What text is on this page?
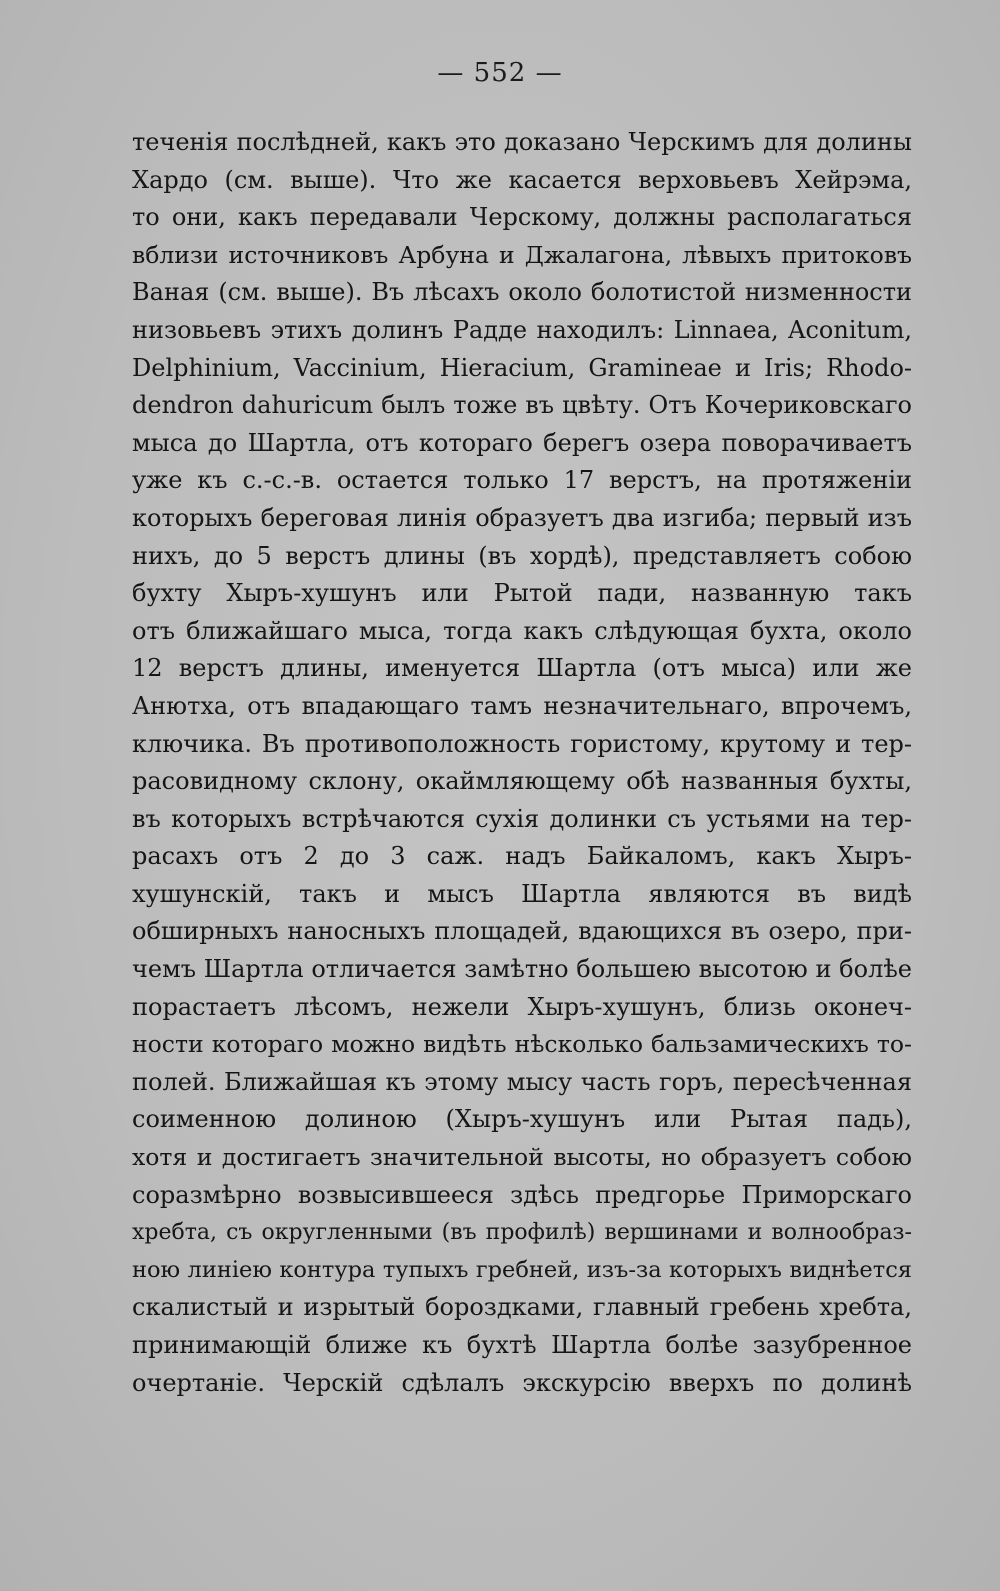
— 552 —
теченія послѣдней, какъ это доказано Черскимъ для долины
Хардо (см. выше). Что же касается верховьевъ Хейрэма,
то они, какъ передавали Черскому, должны располагаться
вблизи источниковъ Арбуна и Джалагона, лѣвыхъ притоковъ
Ваная (см. выше). Въ лѣсахъ около болотистой низменности
низовьевъ этихъ долинъ Радде находилъ: Linnaea, Aconitum,
Delphinium, Vaccinium, Hieracium, Gramineae и Iris; Rhodo-
dendron dahuricum былъ тоже въ цвѣту. Отъ Кочериковскаго
мыса до Шартла, отъ котораго берегъ озера поворачиваетъ
уже къ с.-с.-в. остается только 17 верстъ, на протяженіи
которыхъ береговая линія образуетъ два изгиба; первый изъ
нихъ, до 5 верстъ длины (въ хордѣ), представляетъ собою
бухту Хыръ-хушунъ или Рытой пади, названную такъ
отъ ближайшаго мыса, тогда какъ слѣдующая бухта, около
12 верстъ длины, именуется Шартла (отъ мыса) или же
Анютха, отъ впадающаго тамъ незначительнаго, впрочемъ,
ключика. Въ противоположность гористому, крутому и тер-
расовидному склону, окаймляющему обѣ названныя бухты,
въ которыхъ встрѣчаются сухія долинки съ устьями на тер-
расахъ отъ 2 до 3 саж. надъ Байкаломъ, какъ Хыръ-
хушунскій, такъ и мысъ Шартла являются въ видѣ
обширныхъ наносныхъ площадей, вдающихся въ озеро, при-
чемъ Шартла отличается замѣтно большею высотою и болѣе
порастаетъ лѣсомъ, нежели Хыръ-хушунъ, близь оконеч-
ности котораго можно видѣть нѣсколько бальзамическихъ то-
полей. Ближайшая къ этому мысу часть горъ, пересѣченная
соименною долиною (Хыръ-хушунъ или Рытая падь),
хотя и достигаетъ значительной высоты, но образуетъ собою
соразмѣрно возвысившееся здѣсь предгорье Приморскаго
хребта, съ округленными (въ профилѣ) вершинами и волнообраз-
ною линіею контура тупыхъ гребней, изъ-за которыхъ виднѣется
скалистый и изрытый бороздками, главный гребень хребта,
принимающій ближе къ бухтѣ Шартла болѣе зазубренное
очертаніе. Черскій сдѣлалъ экскурсію вверхъ по долинѣ
